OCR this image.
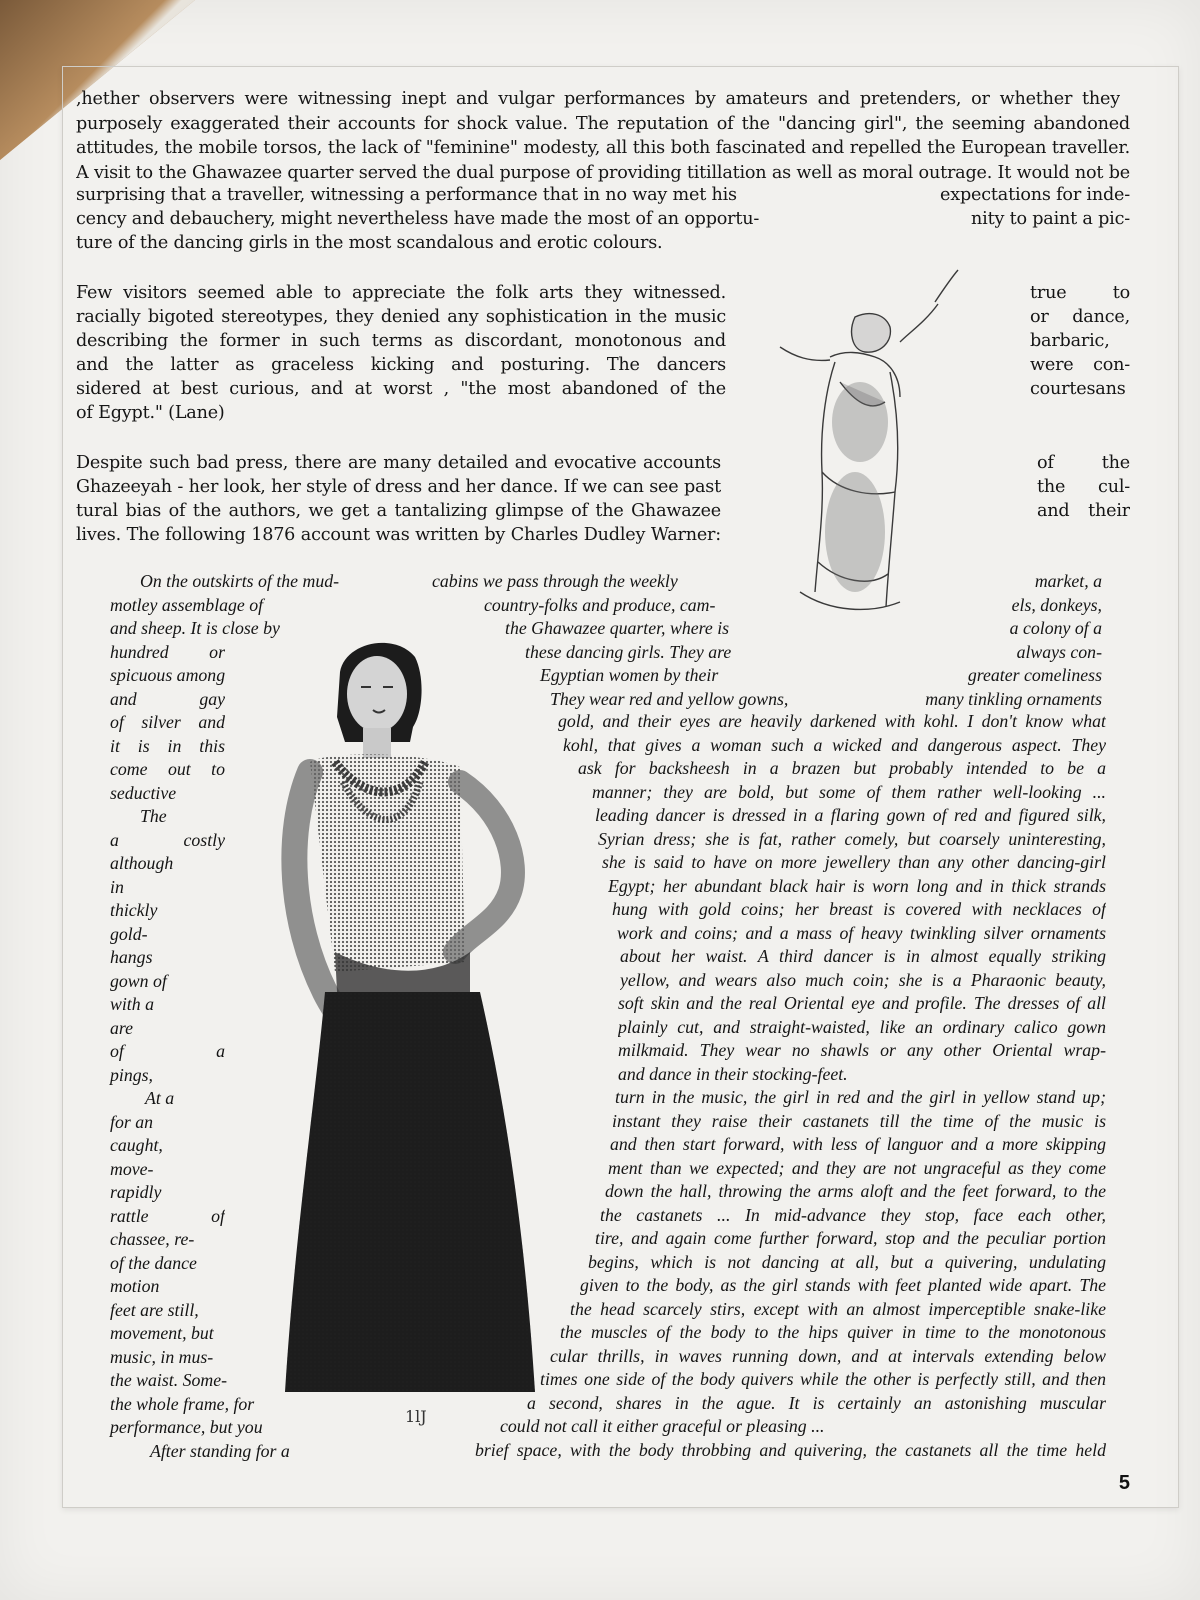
,hether observers were witnessing inept and vulgar performances by amateurs and pretenders, or whether they
purposely exaggerated their accounts for shock value. The reputation of the "dancing girl", the seeming abandoned
attitudes, the mobile torsos, the lack of "feminine" modesty, all this both fascinated and repelled the European traveller.
A visit to the Ghawazee quarter served the dual purpose of providing titillation as well as moral outrage. It would not be
surprising that a traveller, witnessing a performance that in no way met his	expectations for inde-
cency and debauchery, might nevertheless have made the most of an opportu-	nity to paint a pic-
ture of the dancing girls in the most scandalous and erotic colours.
Few visitors seemed able to appreciate the folk arts they witnessed.
racially bigoted stereotypes, they denied any sophistication in the music
describing the former in such terms as discordant, monotonous and
and the latter as graceless kicking and posturing. The dancers
sidered at best curious, and at worst , "the most abandoned of the
of Egypt." (Lane)
true to
or dance,
barbaric,
were con-
courtesans
Despite such bad press, there are many detailed and evocative accounts
Ghazeeyah - her look, her style of dress and her dance. If we can see past
tural bias of the authors, we get a tantalizing glimpse of the Ghawazee
lives. The following 1876 account was written by Charles Dudley Warner:
of the
the cul-
and their
On the outskirts of the mud-
motley assemblage of
and sheep. It is close by
hundred or
spicuous among
and gay
of silver and
it is in this
come out to
seductive
The
a costly
although
in
thickly
gold-
hangs
gown of
with a
are
of a
pings,
At a
for an
caught,
move-
rapidly
rattle of
chassee, re-
of the dance
motion
feet are still,
movement, but
music, in mus-
the waist. Some-
the whole frame, for
performance, but you
After standing for a
cabins we pass through the weekly
country-folks and produce, cam-
the Ghawazee quarter, where is
these dancing girls. They are
Egyptian women by their
They wear red and yellow gowns,
market, a
els, donkeys,
a colony of a
always con-
greater comeliness
many tinkling ornaments
gold, and their eyes are heavily darkened with kohl. I don't know what
kohl, that gives a woman such a wicked and dangerous aspect. They
ask for backsheesh in a brazen but probably intended to be a
manner; they are bold, but some of them rather well-looking ...
leading dancer is dressed in a flaring gown of red and figured silk,
Syrian dress; she is fat, rather comely, but coarsely uninteresting,
she is said to have on more jewellery than any other dancing-girl
Egypt; her abundant black hair is worn long and in thick strands
hung with gold coins; her breast is covered with necklaces of
work and coins; and a mass of heavy twinkling silver ornaments
about her waist. A third dancer is in almost equally striking
yellow, and wears also much coin; she is a Pharaonic beauty,
soft skin and the real Oriental eye and profile. The dresses of all
plainly cut, and straight-waisted, like an ordinary calico gown
milkmaid. They wear no shawls or any other Oriental wrap-
and dance in their stocking-feet.
turn in the music, the girl in red and the girl in yellow stand up;
instant they raise their castanets till the time of the music is
and then start forward, with less of languor and a more skipping
ment than we expected; and they are not ungraceful as they come
down the hall, throwing the arms aloft and the feet forward, to the
the castanets ... In mid-advance they stop, face each other,
tire, and again come further forward, stop and the peculiar portion
begins, which is not dancing at all, but a quivering, undulating
given to the body, as the girl stands with feet planted wide apart. The
the head scarcely stirs, except with an almost imperceptible snake-like
the muscles of the body to the hips quiver in time to the monotonous
cular thrills, in waves running down, and at intervals extending below
times one side of the body quivers while the other is perfectly still, and then
a second, shares in the ague. It is certainly an astonishing muscular
could not call it either graceful or pleasing ...
brief space, with the body throbbing and quivering, the castanets all the time held
1lJ
5
